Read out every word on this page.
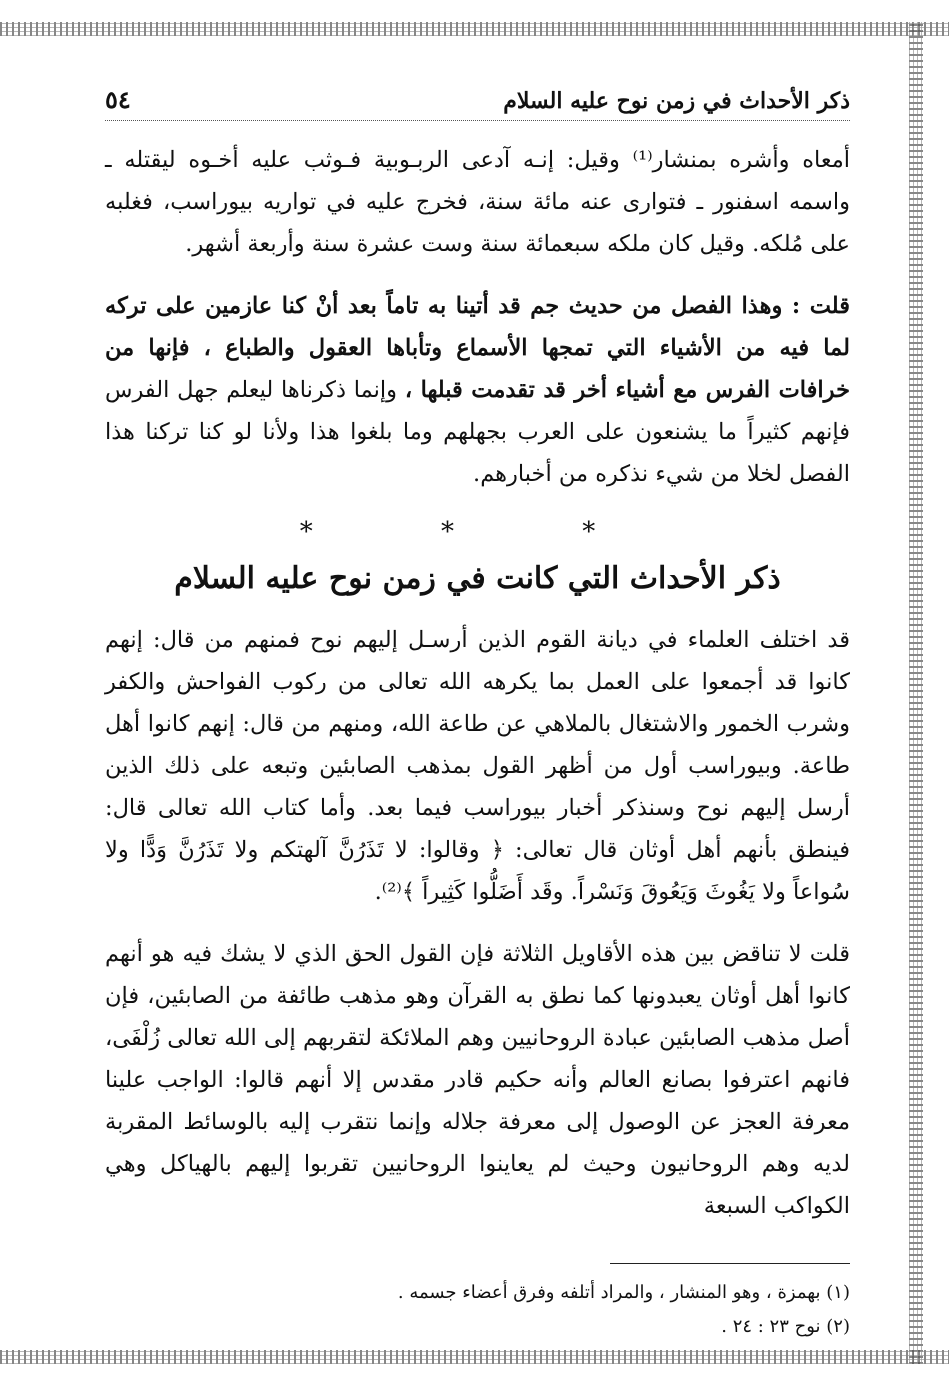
ذكر الأحداث في زمن نوح عليه السلام
٥٤

أمعاه وأشره بمنشار⁽¹⁾ وقيل: إنـه آدعى الربـوبية فـوثب عليه أخـوه ليقتله ـ واسمه اسفنور ـ فتوارى عنه مائة سنة، فخرج عليه في تواريه بيوراسب، فغلبه على مُلكه. وقيل كان ملكه سبعمائة سنة وست عشرة سنة وأربعة أشهر.

قلت : وهذا الفصل من حديث جم قد أتينا به تاماً بعد أنْ كنا عازمين على تركه لما فيه من الأشياء التي تمجها الأسماع وتأباها العقول والطباع ، فإنها من خرافات الفرس مع أشياء أخر قد تقدمت قبلها ، وإنما ذكرناها ليعلم جهل الفرس فإنهم كثيراً ما يشنعون على العرب بجهلهم وما بلغوا هذا ولأنا لو كنا تركنا هذا الفصل لخلا من شيء نذكره من أخبارهم.

* * *
ذكر الأحداث التي كانت في زمن نوح عليه السلام

قد اختلف العلماء في ديانة القوم الذين أرسـل إليهم نوح فمنهم من قال: إنهم كانوا قد أجمعوا على العمل بما يكرهه الله تعالى من ركوب الفواحش والكفر وشرب الخمور والاشتغال بالملاهي عن طاعة الله، ومنهم من قال: إنهم كانوا أهل طاعة. وبيوراسب أول من أظهر القول بمذهب الصابئين وتبعه على ذلك الذين أرسل إليهم نوح وسنذكر أخبار بيوراسب فيما بعد. وأما كتاب الله تعالى قال: فينطق بأنهم أهل أوثان قال تعالى: ﴿ وقالوا: لا تَذَرُنَّ آلهتكم ولا تَذَرُنَّ وَدًّا ولا سُواعاً ولا يَغُوثَ وَيَعُوقَ وَنَسْراً. وقَد أَضَلُّوا كَثِيراً ﴾⁽²⁾.

قلت لا تناقض بين هذه الأقاويل الثلاثة فإن القول الحق الذي لا يشك فيه هو أنهم كانوا أهل أوثان يعبدونها كما نطق به القرآن وهو مذهب طائفة من الصابئين، فإن أصل مذهب الصابئين عبادة الروحانيين وهم الملائكة لتقربهم إلى الله تعالى زُلْفَى، فانهم اعترفوا بصانع العالم وأنه حكيم قادر مقدس إلا أنهم قالوا: الواجب علينا معرفة العجز عن الوصول إلى معرفة جلاله وإنما نتقرب إليه بالوسائط المقربة لديه وهم الروحانيون وحيث لم يعاينوا الروحانيين تقربوا إليهم بالهياكل وهي الكواكب السبعة

(١) بهمزة ، وهو المنشار ، والمراد أتلفه وفرق أعضاء جسمه .

(٢) نوح ٢٣ : ٢٤ .
